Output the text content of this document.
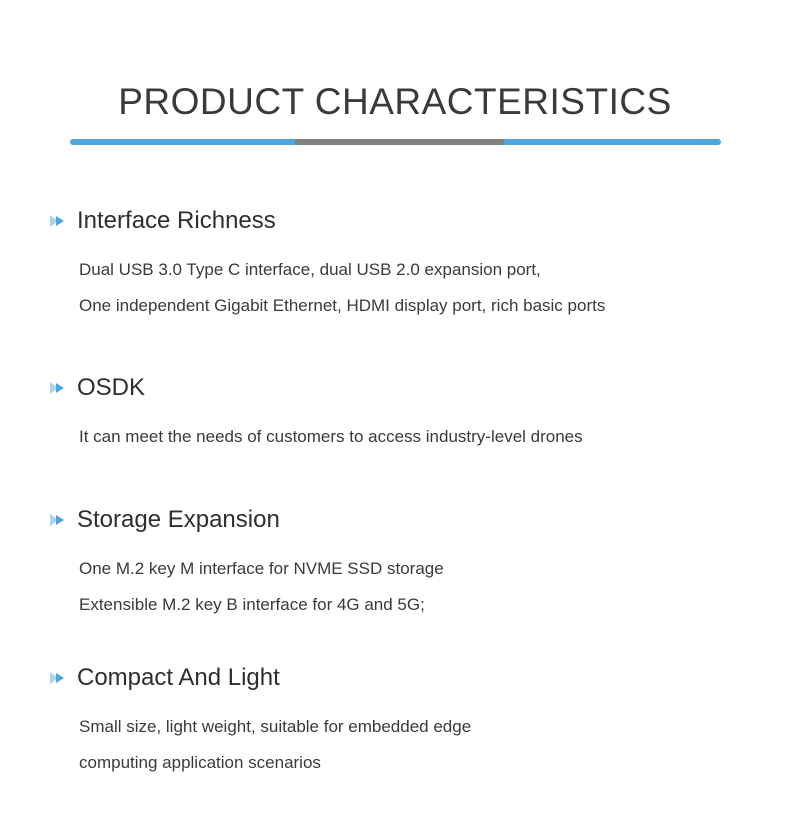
PRODUCT CHARACTERISTICS
Interface Richness
Dual USB 3.0 Type C interface, dual USB 2.0 expansion port,
One independent Gigabit Ethernet, HDMI display port, rich basic ports
OSDK
It can meet the needs of customers to access industry-level drones
Storage Expansion
One M.2 key M interface for NVME SSD storage
Extensible M.2 key B interface for 4G and 5G;
Compact And Light
Small size, light weight, suitable for embedded edge
computing application scenarios
